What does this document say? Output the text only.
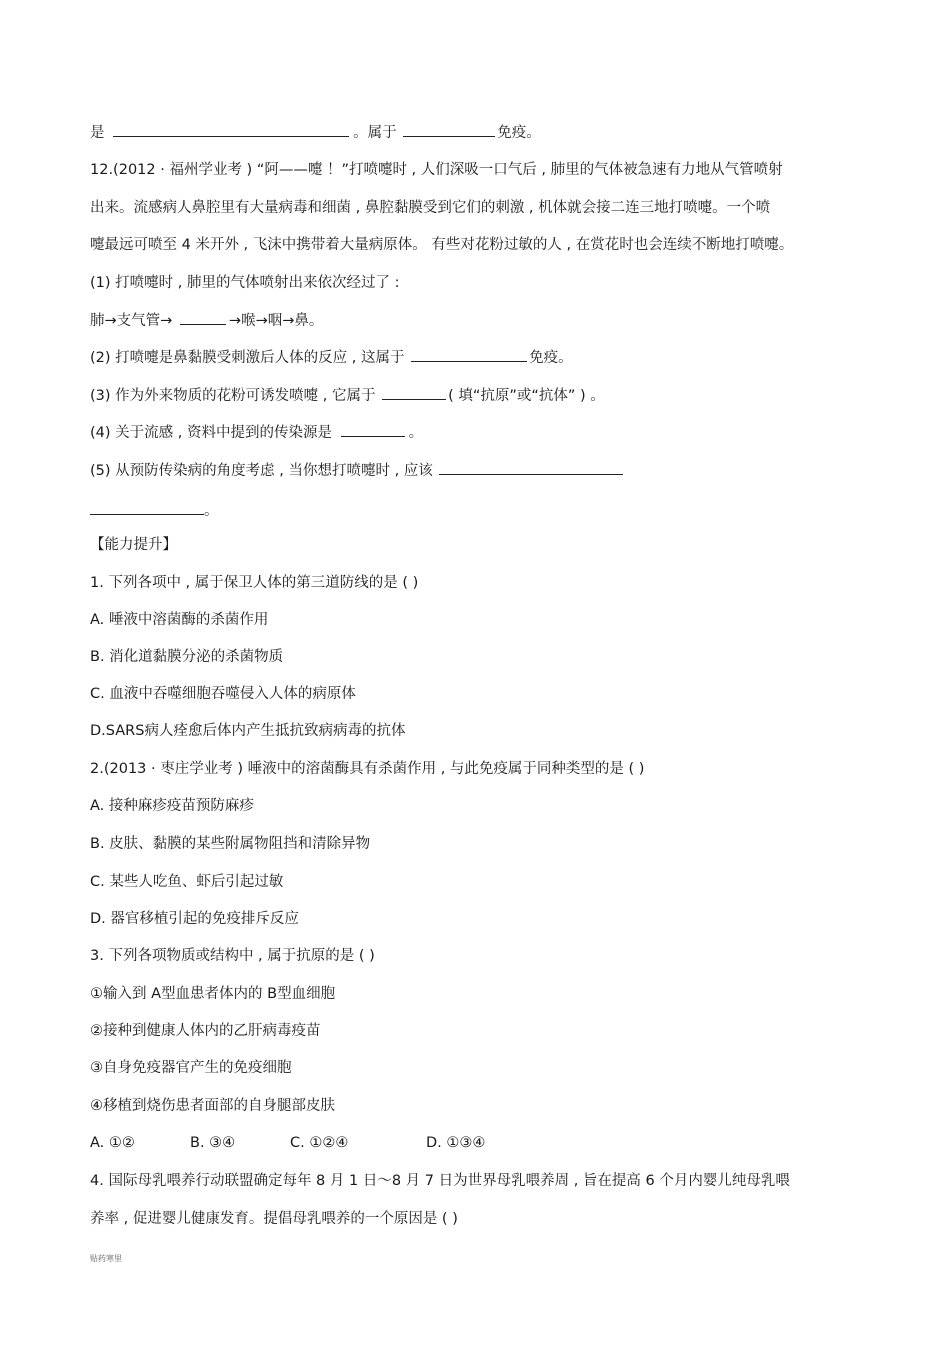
是	。属于	免疫。
12.(2012 · 福州学业考 ) “阿——嚏 ！”打喷嚏时 , 人们深吸一口气后 , 肺里的气体被急速有力地从气管喷射
出来。流感病人鼻腔里有大量病毒和细菌 , 鼻腔黏膜受到它们的刺激 , 机体就会接二连三地打喷嚏。一个喷
嚏最远可喷至 4 米开外 , 飞沫中携带着大量病原体。 有些对花粉过敏的人 , 在赏花时也会连续不断地打喷嚏。
(1) 打喷嚏时 , 肺里的气体喷射出来依次经过了 :
肺→支气管→	→喉→咽→鼻。
(2) 打喷嚏是鼻黏膜受刺激后人体的反应 , 这属于	免疫。
(3) 作为外来物质的花粉可诱发喷嚏 , 它属于	( 填“抗原”或“抗体” ) 。
(4) 关于流感 , 资料中提到的传染源是	。
(5) 从预防传染病的角度考虑 , 当你想打喷嚏时 , 应该
。
【能力提升】
1. 下列各项中 , 属于保卫人体的第三道防线的是 ( )
A. 唾液中溶菌酶的杀菌作用
B. 消化道黏膜分泌的杀菌物质
C. 血液中吞噬细胞吞噬侵入人体的病原体
D.SARS病人痊愈后体内产生抵抗致病病毒的抗体
2.(2013 · 枣庄学业考 ) 唾液中的溶菌酶具有杀菌作用 , 与此免疫属于同种类型的是 ( )
A. 接种麻疹疫苗预防麻疹
B. 皮肤、黏膜的某些附属物阻挡和清除异物
C. 某些人吃鱼、虾后引起过敏
D. 器官移植引起的免疫排斥反应
3. 下列各项物质或结构中 , 属于抗原的是 ( )
①输入到 A型血患者体内的 B型血细胞
②接种到健康人体内的乙肝病毒疫苗
③自身免疫器官产生的免疫细胞
④移植到烧伤患者面部的自身腿部皮肤
A. ①②	B. ③④	C. ①②④	D. ①③④
4. 国际母乳喂养行动联盟确定每年 8 月 1 日～8 月 7 日为世界母乳喂养周 , 旨在提高 6 个月内婴儿纯母乳喂
养率 , 促进婴儿健康发育。提倡母乳喂养的一个原因是 ( )
贴药寒里
